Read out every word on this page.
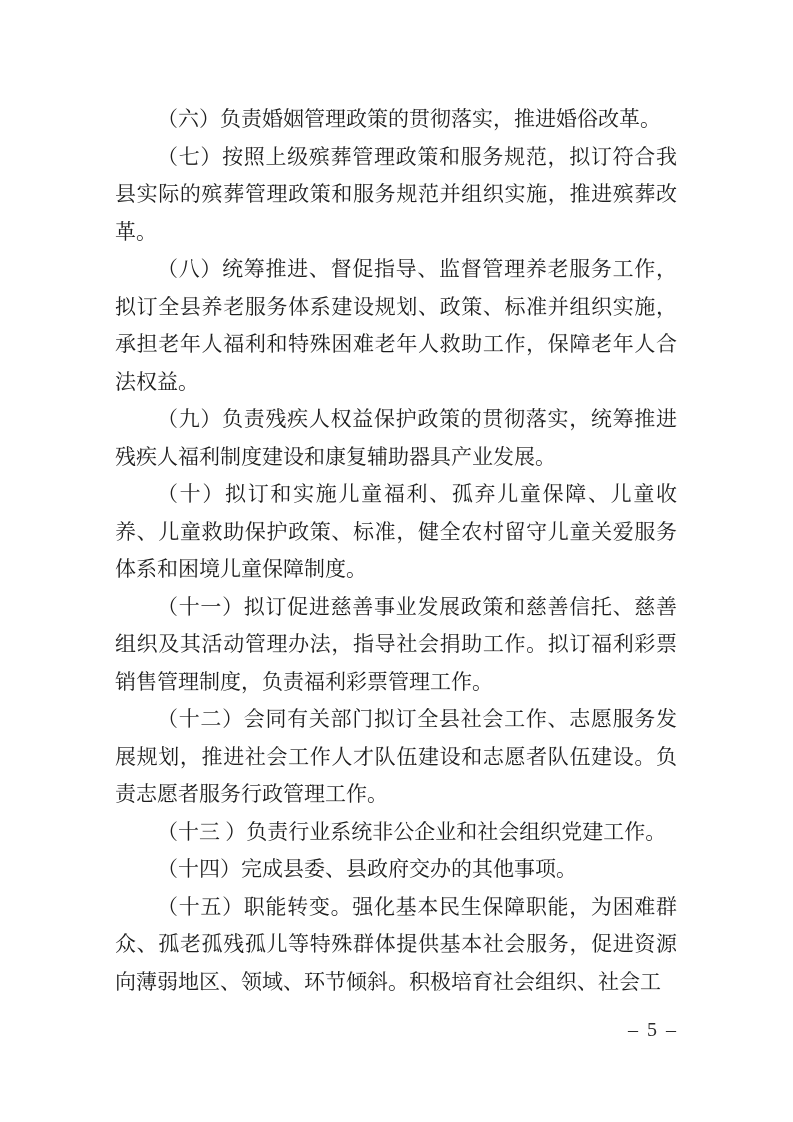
（六）负责婚姻管理政策的贯彻落实，推进婚俗改革。

（七）按照上级殡葬管理政策和服务规范，拟订符合我县实际的殡葬管理政策和服务规范并组织实施，推进殡葬改革。

（八）统筹推进、督促指导、监督管理养老服务工作，拟订全县养老服务体系建设规划、政策、标准并组织实施，承担老年人福利和特殊困难老年人救助工作，保障老年人合法权益。

（九）负责残疾人权益保护政策的贯彻落实，统筹推进残疾人福利制度建设和康复辅助器具产业发展。

（十）拟订和实施儿童福利、孤弃儿童保障、儿童收养、儿童救助保护政策、标准，健全农村留守儿童关爱服务体系和困境儿童保障制度。

（十一）拟订促进慈善事业发展政策和慈善信托、慈善组织及其活动管理办法，指导社会捐助工作。拟订福利彩票销售管理制度，负责福利彩票管理工作。

（十二）会同有关部门拟订全县社会工作、志愿服务发展规划，推进社会工作人才队伍建设和志愿者队伍建设。负责志愿者服务行政管理工作。

（十三 ）负责行业系统非公企业和社会组织党建工作。

（十四）完成县委、县政府交办的其他事项。

（十五）职能转变。强化基本民生保障职能，为困难群众、孤老孤残孤儿等特殊群体提供基本社会服务，促进资源向薄弱地区、领域、环节倾斜。积极培育社会组织、社会工

– 5 –
